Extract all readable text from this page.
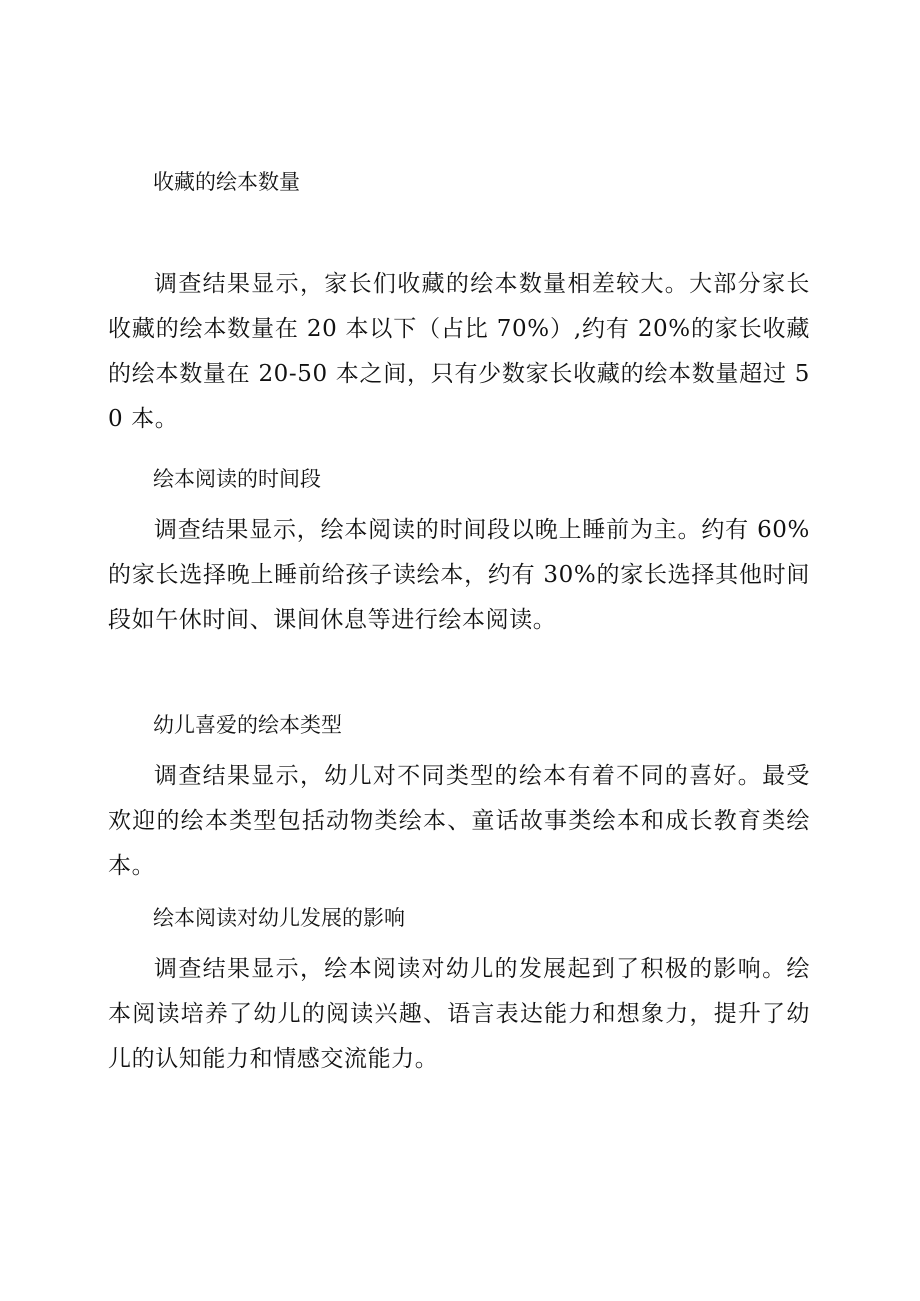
收藏的绘本数量

调查结果显示，家长们收藏的绘本数量相差较大。大部分家长收藏的绘本数量在 20 本以下（占比 70%）,约有 20%的家长收藏的绘本数量在 20-50 本之间，只有少数家长收藏的绘本数量超过 50 本。

绘本阅读的时间段

调查结果显示，绘本阅读的时间段以晚上睡前为主。约有 60%的家长选择晚上睡前给孩子读绘本，约有 30%的家长选择其他时间段如午休时间、课间休息等进行绘本阅读。

幼儿喜爱的绘本类型

调查结果显示，幼儿对不同类型的绘本有着不同的喜好。最受欢迎的绘本类型包括动物类绘本、童话故事类绘本和成长教育类绘本。

绘本阅读对幼儿发展的影响

调查结果显示，绘本阅读对幼儿的发展起到了积极的影响。绘本阅读培养了幼儿的阅读兴趣、语言表达能力和想象力，提升了幼儿的认知能力和情感交流能力。
